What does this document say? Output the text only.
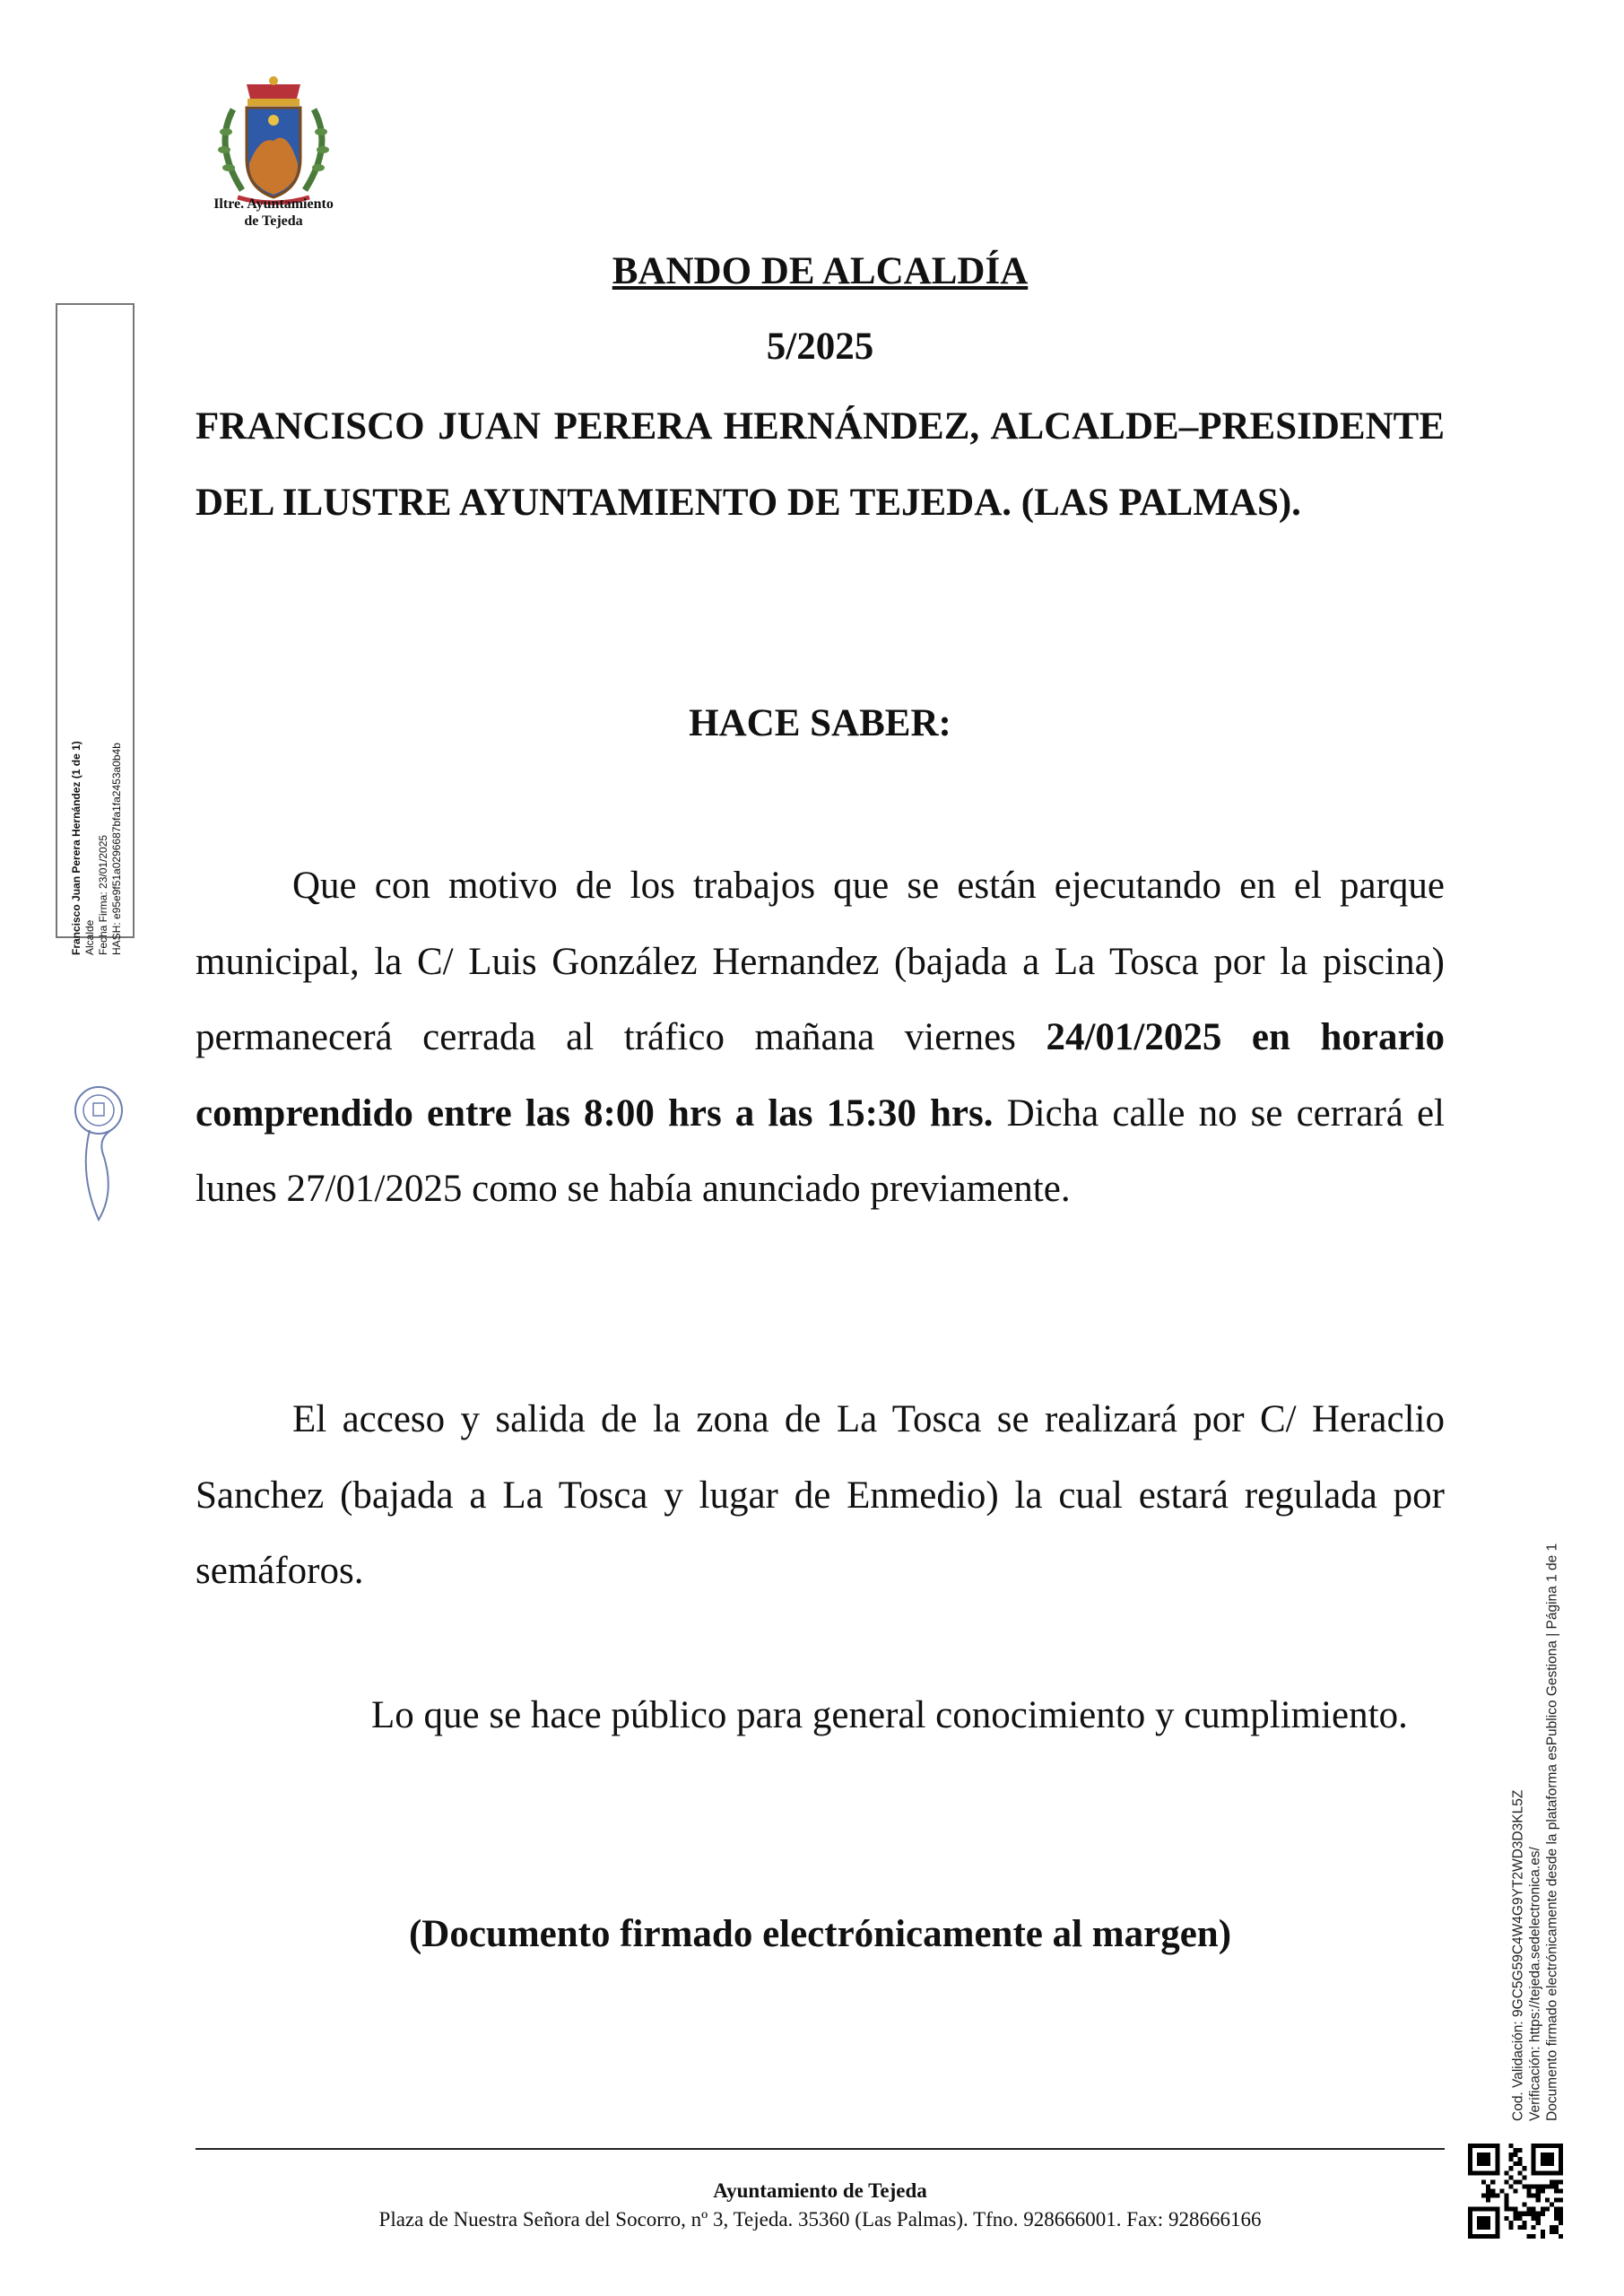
Iltre. Ayuntamiento
de Tejeda
Francisco Juan Perera Hernández (1 de 1) Alcalde Fecha Firma: 23/01/2025 HASH: e95e9f51a0296687bfa1fa2453a0b4b
Cod. Validación: 9GC5G59C4W4G9YT2WD3D3KL5Z Verificación: https://tejeda.sedelectronica.es/ Documento firmado electrónicamente desde la plataforma esPublico Gestiona | Página 1 de 1
BANDO DE ALCALDÍA
5/2025
FRANCISCO JUAN PERERA HERNÁNDEZ, ALCALDE–PRESIDENTE DEL ILUSTRE AYUNTAMIENTO DE TEJEDA. (LAS PALMAS).
HACE SABER:
Que con motivo de los trabajos que se están ejecutando en el parque municipal, la C/ Luis González Hernandez (bajada a La Tosca por la piscina) permanecerá cerrada al tráfico mañana viernes 24/01/2025 en horario comprendido entre las 8:00 hrs a las 15:30 hrs. Dicha calle no se cerrará el lunes 27/01/2025 como se había anunciado previamente.
El acceso y salida de la zona de La Tosca se realizará por C/ Heraclio Sanchez (bajada a La Tosca y lugar de Enmedio) la cual estará regulada por semáforos.
Lo que se hace público para general conocimiento y cumplimiento.
(Documento firmado electrónicamente al margen)
Ayuntamiento de Tejeda
Plaza de Nuestra Señora del Socorro, nº 3, Tejeda. 35360 (Las Palmas). Tfno. 928666001. Fax: 928666166
